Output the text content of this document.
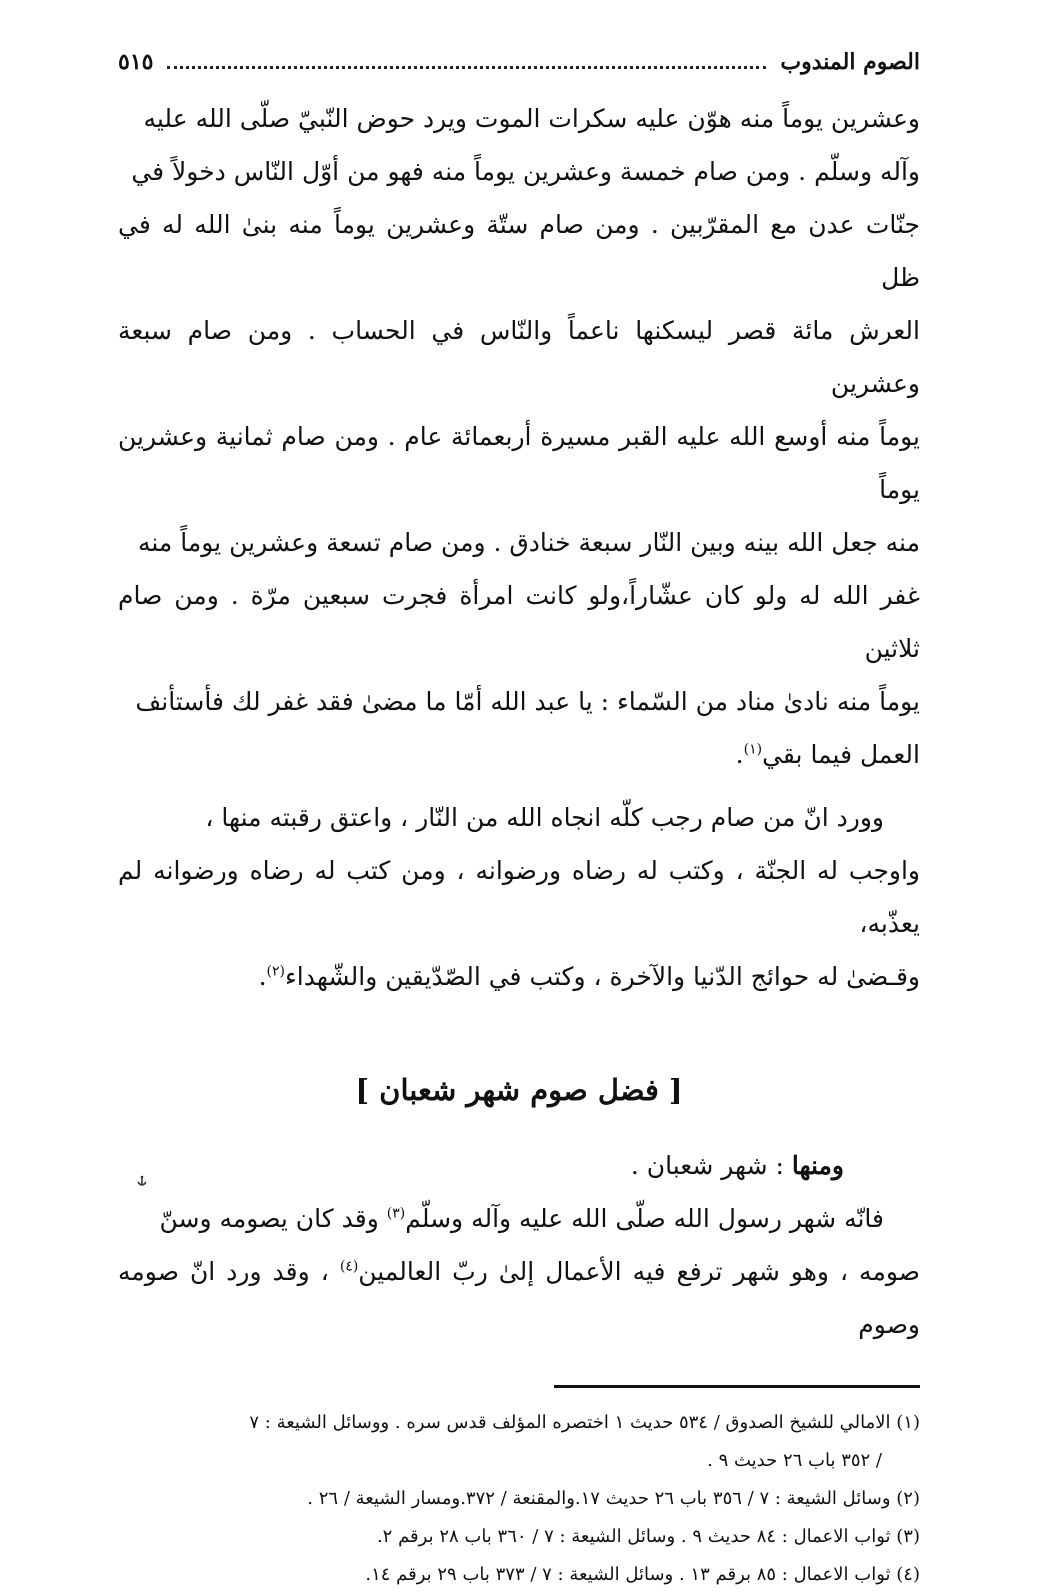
الصوم المندوب
٥١٥

وعشرين يوماً منه هوّن عليه سكرات الموت ويرد حوض النّبيّ صلّى الله عليه

وآله وسلّم . ومن صام خمسة وعشرين يوماً منه فهو من أوّل النّاس دخولاً في

جنّات عدن مع المقرّبين . ومن صام ستّة وعشرين يوماً منه بنىٰ الله له في ظل

العرش مائة قصر ليسكنها ناعماً والنّاس في الحساب . ومن صام سبعة وعشرين

يوماً منه أوسع الله عليه القبر مسيرة أربعمائة عام . ومن صام ثمانية وعشرين يوماً

منه جعل الله بينه وبين النّار سبعة خنادق . ومن صام تسعة وعشرين يوماً منه

غفر الله له ولو كان عشّاراً،ولو كانت امرأة فجرت سبعين مرّة . ومن صام ثلاثين

يوماً منه نادىٰ مناد من السّماء : يا عبد الله أمّا ما مضىٰ فقد غفر لك فأستأنف

العمل فيما بقي$^{(١)}$.

وورد انّ من صام رجب كلّه انجاه الله من النّار ، واعتق رقبته منها ،

واوجب له الجنّة ، وكتب له رضاه ورضوانه ، ومن كتب له رضاه ورضوانه لم يعذّبه،

وقـضىٰ له حوائج الدّنيا والآخرة ، وكتب في الصّدّيقين والشّهداء$^{(٢)}$.

[ فضل صوم شهر شعبان ]

ومنها : شهر شعبان .

فانّه شهر رسول الله صلّى الله عليه وآله وسلّم$^{(٣)}$ وقد كان يصومه وسنّ

صومه ، وهو شهر ترفع فيه الأعمال إلىٰ ربّ العالمين$^{(٤)}$ ، وقد ورد انّ صومه وصوم

(١) الامالي للشيخ الصدوق / ٥٣٤ حديث ١ اختصره المؤلف قدس سره . ووسائل الشيعة : ٧

/ ٣٥٢ باب ٢٦ حديث ٩ .

(٢) وسائل الشيعة : ٧ / ٣٥٦ باب ٢٦ حديث ١٧.والمقنعة / ٣٧٢.ومسار الشيعة / ٢٦ .

(٣) ثواب الاعمال : ٨٤ حديث ٩ . وسائل الشيعة : ٧ / ٣٦٠ باب ٢٨ برقم ٢.

(٤) ثواب الاعمال : ٨٥ برقم ١٣ . وسائل الشيعة : ٧ / ٣٧٣ باب ٢٩ برقم ١٤.
